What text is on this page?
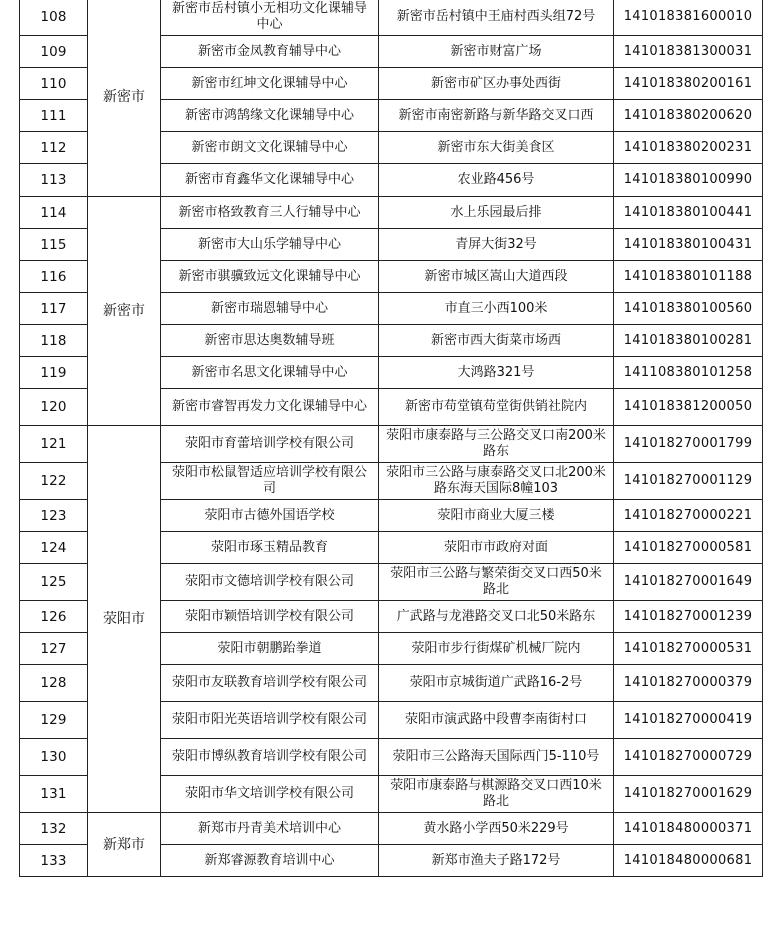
108	新密市	新密市岳村镇小无相功文化课辅导中心	新密市岳村镇中王庙村西头组72号	141018381600010
109		新密市金凤教育辅导中心	新密市财富广场	141018381300031
110		新密市红坤文化课辅导中心	新密市矿区办事处西街	141018380200161
111		新密市鸿鹄缘文化课辅导中心	新密市南密新路与新华路交叉口西	141018380200620
112		新密市朗文文化课辅导中心	新密市东大街美食区	141018380200231
113		新密市育鑫华文化课辅导中心	农业路456号	141018380100990
114	新密市	新密市格致教育三人行辅导中心	水上乐园最后排	141018380100441
115		新密市大山乐学辅导中心	青屏大街32号	141018380100431
116		新密市骐骥致远文化课辅导中心	新密市城区嵩山大道西段	141018380101188
117		新密市瑞恩辅导中心	市直三小西100米	141018380100560
118		新密市思达奥数辅导班	新密市西大街菜市场西	141018380100281
119		新密市名思文化课辅导中心	大鸿路321号	141108380101258
120		新密市睿智再发力文化课辅导中心	新密市苟堂镇苟堂街供销社院内	141018381200050
121	荥阳市	荥阳市育蕾培训学校有限公司	荥阳市康泰路与三公路交叉口南200米路东	141018270001799
122		荥阳市松鼠智适应培训学校有限公司	荥阳市三公路与康泰路交叉口北200米路东海天国际8幢103	141018270001129
123		荥阳市古德外国语学校	荥阳市商业大厦三楼	141018270000221
124		荥阳市琢玉精品教育	荥阳市市政府对面	141018270000581
125		荥阳市文德培训学校有限公司	荥阳市三公路与繁荣街交叉口西50米路北	141018270001649
126		荥阳市颖悟培训学校有限公司	广武路与龙港路交叉口北50米路东	141018270001239
127		荥阳市朝鹏跆拳道	荥阳市步行街煤矿机械厂院内	141018270000531
128		荥阳市友联教育培训学校有限公司	荥阳市京城街道广武路16-2号	141018270000379
129		荥阳市阳光英语培训学校有限公司	荥阳市演武路中段曹李南街村口	141018270000419
130		荥阳市博纵教育培训学校有限公司	荥阳市三公路海天国际西门5-110号	141018270000729
131		荥阳市华文培训学校有限公司	荥阳市康泰路与棋源路交叉口西10米路北	141018270001629
132	新郑市	新郑市丹青美术培训中心	黄水路小学西50米229号	141018480000371
133		新郑睿源教育培训中心	新郑市渔夫子路172号	141018480000681
